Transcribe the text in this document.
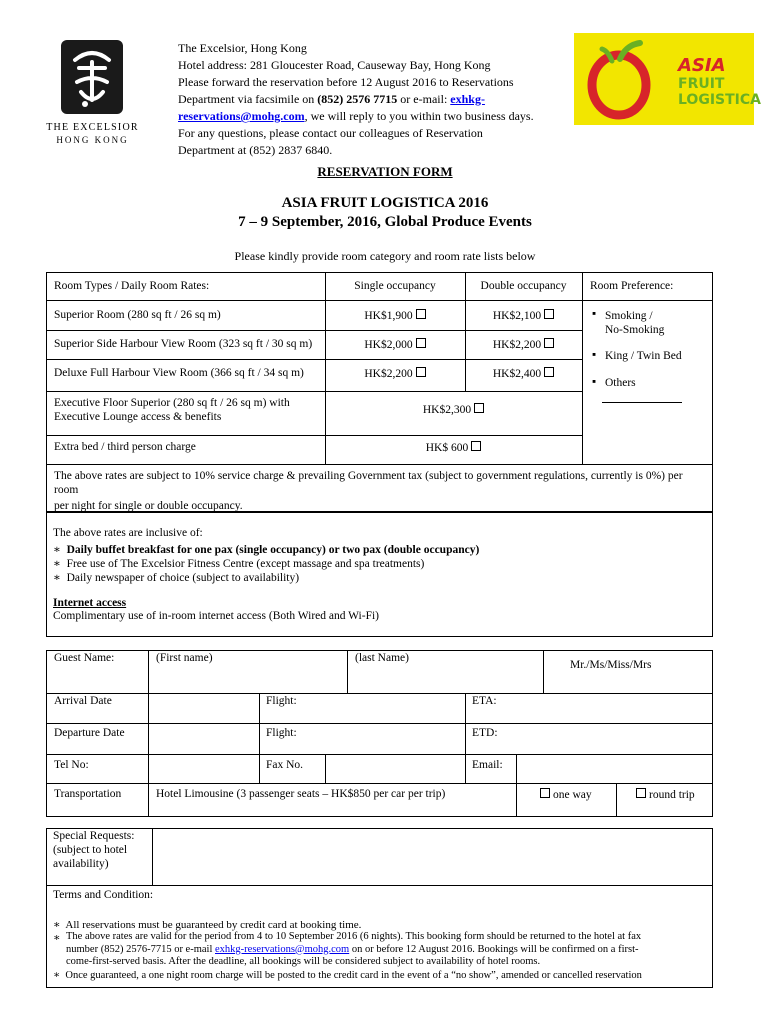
THE EXCELSIOR
HONG KONG
The Excelsior, Hong Kong
Hotel address: 281 Gloucester Road, Causeway Bay, Hong Kong
Please forward the reservation before 12 August 2016 to Reservations
Department via facsimile on (852) 2576 7715 or e-mail: exhkg-
reservations@mohg.com, we will reply to you within two business days.
For any questions, please contact our colleagues of Reservation
Department at (852) 2837 6840.
ASIA
FRUIT
LOGISTICA
RESERVATION FORM
ASIA FRUIT LOGISTICA 2016
7 – 9 September, 2016, Global Produce Events
Please kindly provide room category and room rate lists below
Room Types / Daily Room Rates:	Single occupancy	Double occupancy	Room Preference:
Superior Room (280 sq ft / 26 sq m)	HK$1,900	HK$2,100
Superior Side Harbour View Room (323 sq ft / 30 sq m)	HK$2,000	HK$2,200
Deluxe Full Harbour View Room (366 sq ft / 34 sq m)	HK$2,200	HK$2,400
Executive Floor Superior (280 sq ft / 26 sq m) with
Executive Lounge access & benefits
HK$2,300
Extra bed / third person charge	HK$ 600
▪ Smoking /
No-Smoking
▪ King / Twin Bed
▪ Others
The above rates are subject to 10% service charge & prevailing Government tax (subject to government regulations, currently is 0%) per room
per night for single or double occupancy.
The above rates are inclusive of:
∗ Daily buffet breakfast for one pax (single occupancy) or two pax (double occupancy)
∗ Free use of The Excelsior Fitness Centre (except massage and spa treatments)
∗ Daily newspaper of choice (subject to availability)
Internet access
Complimentary use of in-room internet access (Both Wired and Wi-Fi)
Guest Name:	(First name)	(last Name)
Mr./Ms/Miss/Mrs
Arrival Date	Flight:	ETA:
Departure Date	Flight:	ETD:
Tel No:	Fax No.	Email:
Transportation	Hotel Limousine (3 passenger seats – HK$850 per car per trip)	one way	round trip
Special Requests:
(subject to hotel
availability)
Terms and Condition:
∗ All reservations must be guaranteed by credit card at booking time.
∗ The above rates are valid for the period from 4 to 10 September 2016 (6 nights). This booking form should be returned to the hotel at fax
number (852) 2576-7715 or e-mail exhkg-reservations@mohg.com on or before 12 August 2016. Bookings will be confirmed on a first-
come-first-served basis. After the deadline, all bookings will be considered subject to availability of hotel rooms.
∗ Once guaranteed, a one night room charge will be posted to the credit card in the event of a “no show”, amended or cancelled reservation
